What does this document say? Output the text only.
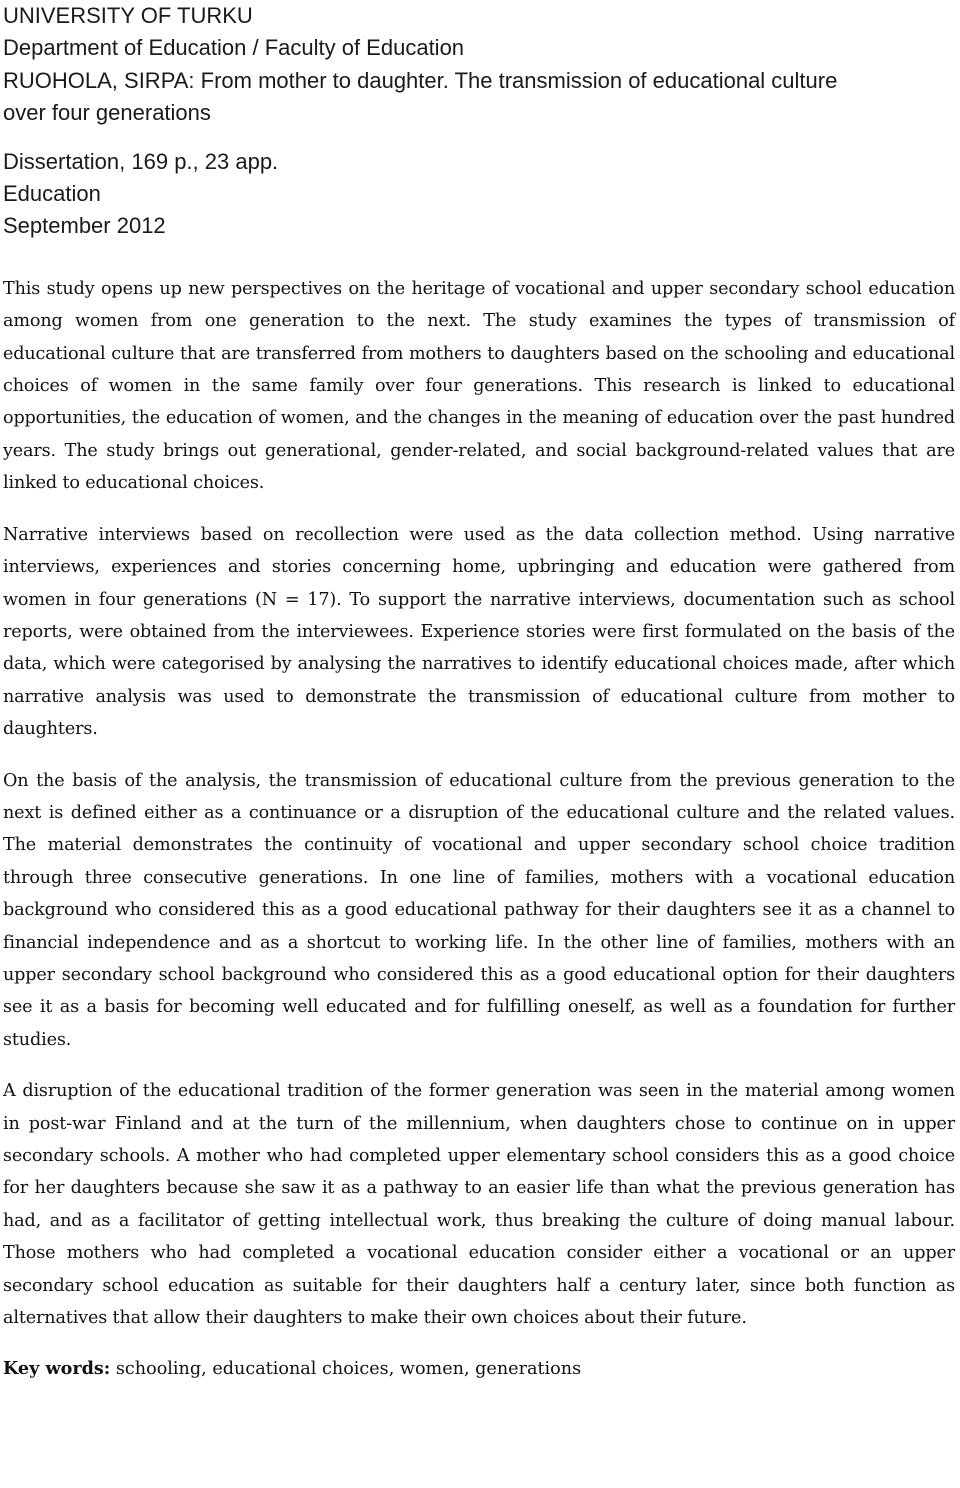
UNIVERSITY OF TURKU
Department of Education / Faculty of Education
RUOHOLA, SIRPA: From mother to daughter. The transmission of educational culture
over four generations
Dissertation, 169 p., 23 app.
Education
September 2012
This study opens up new perspectives on the heritage of vocational and upper secondary school education among women from one generation to the next. The study examines the types of transmission of educational culture that are transferred from mothers to daughters based on the schooling and educational choices of women in the same family over four generations. This research is linked to educational opportunities, the education of women, and the changes in the meaning of education over the past hundred years. The study brings out generational, gender-related, and social background-related values that are linked to educational choices.
Narrative interviews based on recollection were used as the data collection method. Using narrative interviews, experiences and stories concerning home, upbringing and education were gathered from women in four generations (N = 17). To support the narrative interviews, documentation such as school reports, were obtained from the interviewees. Experience stories were first formulated on the basis of the data, which were categorised by analysing the narratives to identify educational choices made, after which narrative analysis was used to demonstrate the transmission of educational culture from mother to daughters.
On the basis of the analysis, the transmission of educational culture from the previous generation to the next is defined either as a continuance or a disruption of the educational culture and the related values. The material demonstrates the continuity of vocational and upper secondary school choice tradition through three consecutive generations. In one line of families, mothers with a vocational education background who considered this as a good educational pathway for their daughters see it as a channel to financial independence and as a shortcut to working life. In the other line of families, mothers with an upper secondary school background who considered this as a good educational option for their daughters see it as a basis for becoming well educated and for fulfilling oneself, as well as a foundation for further studies.
A disruption of the educational tradition of the former generation was seen in the material among women in post-war Finland and at the turn of the millennium, when daughters chose to continue on in upper secondary schools. A mother who had completed upper elementary school considers this as a good choice for her daughters because she saw it as a pathway to an easier life than what the previous generation has had, and as a facilitator of getting intellectual work, thus breaking the culture of doing manual labour. Those mothers who had completed a vocational education consider either a vocational or an upper secondary school education as suitable for their daughters half a century later, since both function as alternatives that allow their daughters to make their own choices about their future.

Key words: schooling, educational choices, women, generations
